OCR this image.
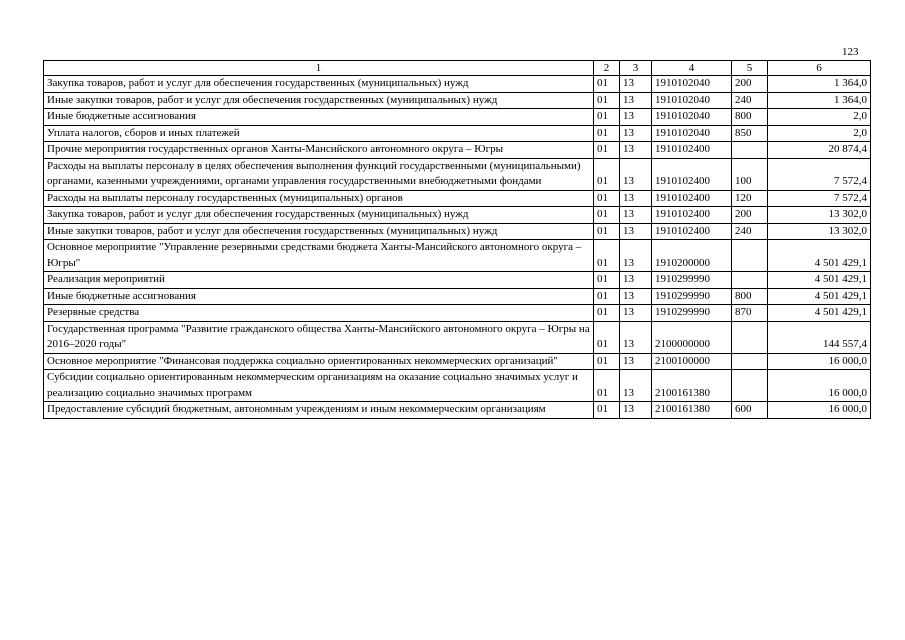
123
1	2	3	4	5	6
Закупка товаров, работ и услуг для обеспечения государственных (муниципальных) нужд	01	13	1910102040	200	1 364,0
Иные закупки товаров, работ и услуг для обеспечения государственных (муниципальных) нужд	01	13	1910102040	240	1 364,0
Иные бюджетные ассигнования	01	13	1910102040	800	2,0
Уплата налогов, сборов и иных платежей	01	13	1910102040	850	2,0
Прочие мероприятия государственных органов Ханты-Мансийского автономного округа – Югры	01	13	1910102400		20 874,4
Расходы на выплаты персоналу в целях обеспечения выполнения функций государственными (муниципальными) органами, казенными учреждениями, органами управления государственными внебюджетными фондами	01	13	1910102400	100	7 572,4
Расходы на выплаты персоналу государственных (муниципальных) органов	01	13	1910102400	120	7 572,4
Закупка товаров, работ и услуг для обеспечения государственных (муниципальных) нужд	01	13	1910102400	200	13 302,0
Иные закупки товаров, работ и услуг для обеспечения государственных (муниципальных) нужд	01	13	1910102400	240	13 302,0
Основное мероприятие "Управление резервными средствами бюджета Ханты-Мансийского автономного округа – Югры"	01	13	1910200000		4 501 429,1
Реализация мероприятий	01	13	1910299990		4 501 429,1
Иные бюджетные ассигнования	01	13	1910299990	800	4 501 429,1
Резервные средства	01	13	1910299990	870	4 501 429,1
Государственная программа "Развитие гражданского общества Ханты-Мансийского автономного округа – Югры на 2016–2020 годы"	01	13	2100000000		144 557,4
Основное мероприятие "Финансовая поддержка социально ориентированных некоммерческих организаций"	01	13	2100100000		16 000,0
Субсидии социально ориентированным некоммерческим организациям на оказание социально значимых услуг и реализацию социально значимых программ	01	13	2100161380		16 000,0
Предоставление субсидий бюджетным, автономным учреждениям и иным некоммерческим организациям	01	13	2100161380	600	16 000,0
